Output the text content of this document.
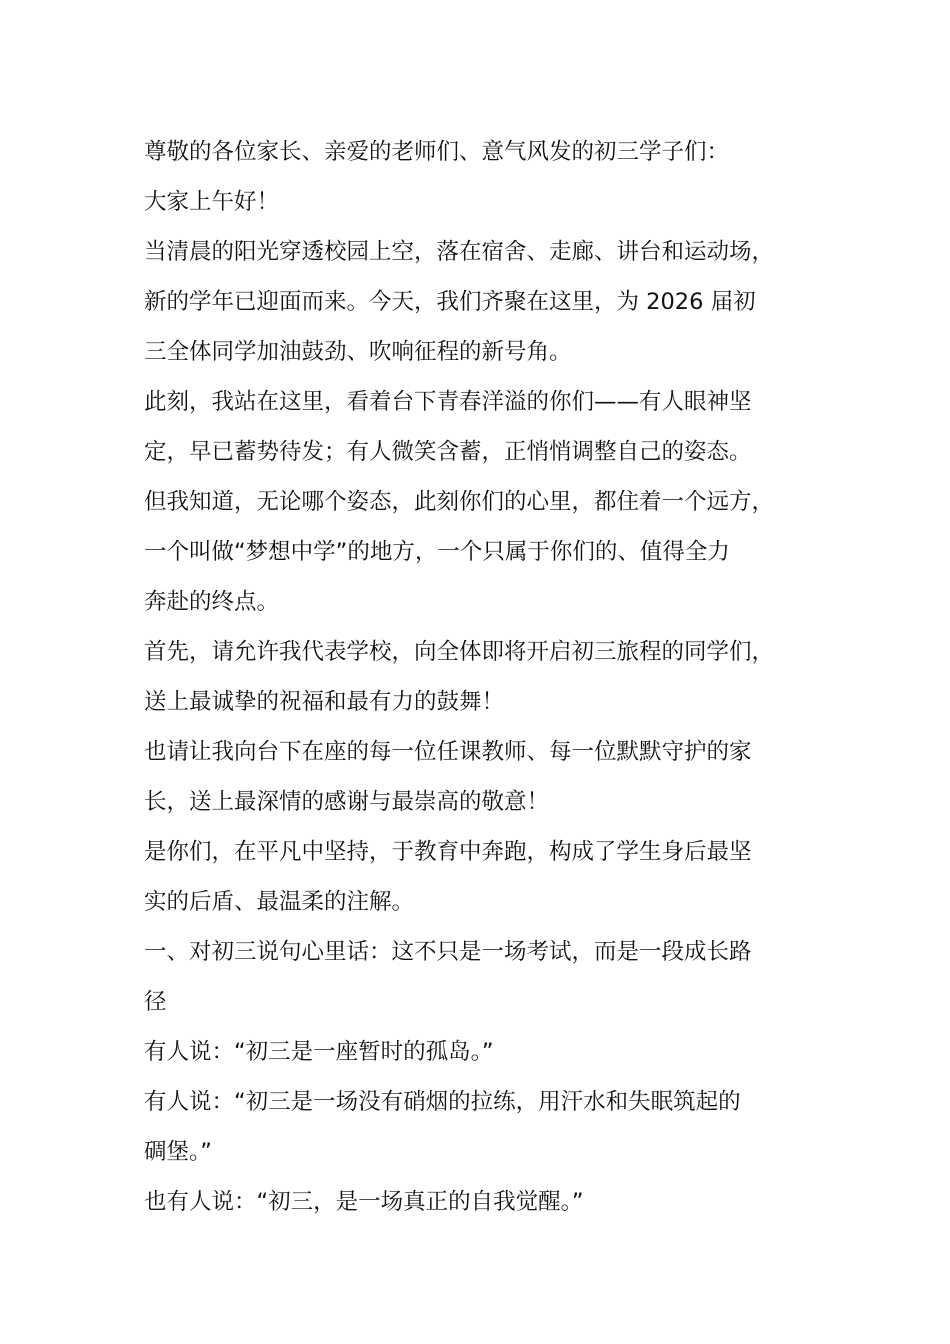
尊敬的各位家长、亲爱的老师们、意气风发的初三学子们：

大家上午好！

当清晨的阳光穿透校园上空，落在宿舍、走廊、讲台和运动场，

新的学年已迎面而来。今天，我们齐聚在这里，为 2026 届初

三全体同学加油鼓劲、吹响征程的新号角。

此刻，我站在这里，看着台下青春洋溢的你们——有人眼神坚

定，早已蓄势待发；有人微笑含蓄，正悄悄调整自己的姿态。

但我知道，无论哪个姿态，此刻你们的心里，都住着一个远方，

一个叫做“梦想中学”的地方，一个只属于你们的、值得全力

奔赴的终点。

首先，请允许我代表学校，向全体即将开启初三旅程的同学们，

送上最诚挚的祝福和最有力的鼓舞！

也请让我向台下在座的每一位任课教师、每一位默默守护的家

长，送上最深情的感谢与最崇高的敬意！

是你们，在平凡中坚持，于教育中奔跑，构成了学生身后最坚

实的后盾、最温柔的注解。

一、对初三说句心里话：这不只是一场考试，而是一段成长路

径

有人说：“初三是一座暂时的孤岛。”

有人说：“初三是一场没有硝烟的拉练，用汗水和失眠筑起的

碉堡。”

也有人说：“初三，是一场真正的自我觉醒。”
